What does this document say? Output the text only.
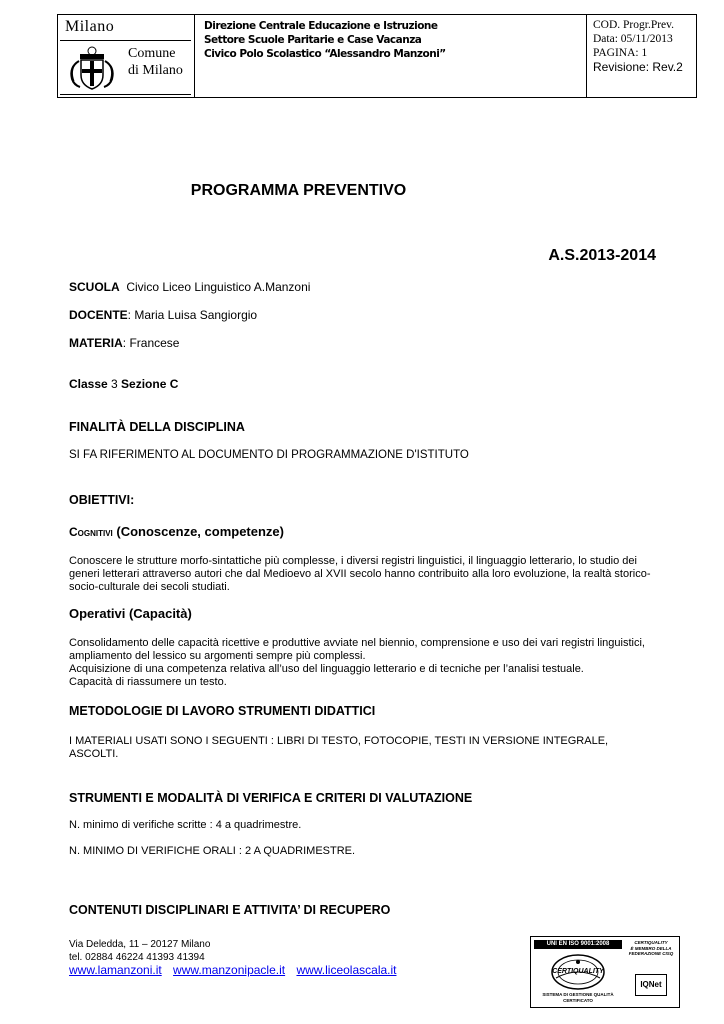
Milano
Comune
di Milano
Direzione Centrale Educazione e Istruzione
Settore Scuole Paritarie e Case Vacanza
Civico Polo Scolastico “Alessandro Manzoni”
COD. Progr.Prev.
Data: 05/11/2013
PAGINA: 1
Revisione: Rev.2
PROGRAMMA PREVENTIVO
A.S.2013-2014
SCUOLA  Civico Liceo Linguistico A.Manzoni
DOCENTE: Maria Luisa Sangiorgio
MATERIA: Francese
Classe 3 Sezione C
FINALITÀ DELLA DISCIPLINA
SI FA RIFERIMENTO AL DOCUMENTO DI PROGRAMMAZIONE D'ISTITUTO
OBIETTIVI:
Cognitivi (Conoscenze, competenze)
Conoscere le strutture morfo-sintattiche più complesse, i diversi registri linguistici, il linguaggio letterario, lo studio dei
generi letterari attraverso autori che dal Medioevo al XVII secolo hanno contribuito alla loro evoluzione, la realtà storico-
socio-culturale dei secoli studiati.
Operativi (Capacità)
Consolidamento delle capacità ricettive e produttive avviate nel biennio, comprensione e uso dei vari registri linguistici,
ampliamento del lessico su argomenti sempre più complessi.
Acquisizione di una competenza relativa all’uso del linguaggio letterario e di tecniche per l’analisi testuale.
Capacità di riassumere un testo.
METODOLOGIE DI LAVORO STRUMENTI DIDATTICI
I MATERIALI USATI SONO I SEGUENTI : LIBRI DI TESTO, FOTOCOPIE, TESTI IN VERSIONE INTEGRALE,
ASCOLTI.
STRUMENTI E MODALITÀ DI VERIFICA E CRITERI DI VALUTAZIONE
N. minimo di verifiche scritte : 4 a quadrimestre.
N. MINIMO DI VERIFICHE ORALI : 2 A QUADRIMESTRE.
CONTENUTI DISCIPLINARI E ATTIVITA’ DI RECUPERO
Via Deledda, 11 – 20127 Milano
tel. 02884 46224 41393 41394
www.lamanzoni.it www.manzonipacle.it www.liceolascala.it
UNI EN ISO 9001:2008
CERTIQUALITY
SISTEMA DI GESTIONE QUALITÀ CERTIFICATO
CERTIQUALITY
È MEMBRO DELLA
FEDERAZIONE CISQ
IQNet
